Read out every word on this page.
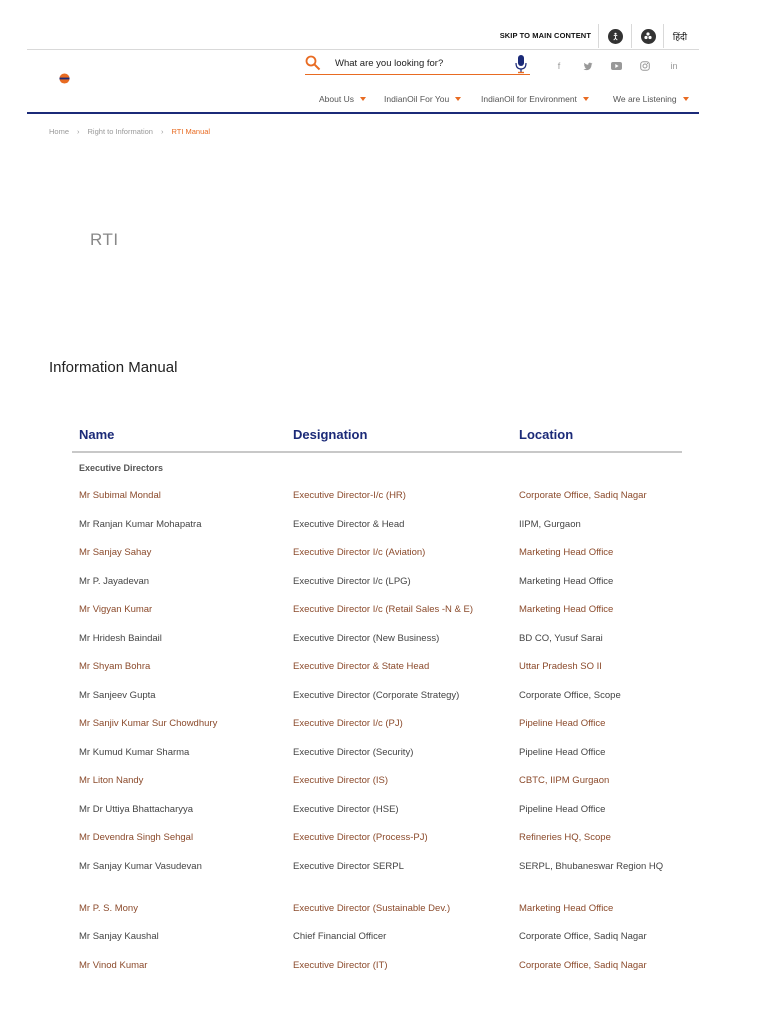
SKIP TO MAIN CONTENT	हिंदी
What are you looking for?
f	in
About Us	IndianOil For You	IndianOil for Environment	We are Listening
Home › Right to Information › RTI Manual
RTI
Information Manual
Name	Designation	Location
Executive Directors
Mr Subimal Mondal	Executive Director-I/c (HR)	Corporate Office, Sadiq Nagar
Mr Ranjan Kumar Mohapatra	Executive Director & Head	IIPM, Gurgaon
Mr Sanjay Sahay	Executive Director I/c (Aviation)	Marketing Head Office
Mr P. Jayadevan	Executive Director I/c (LPG)	Marketing Head Office
Mr Vigyan Kumar	Executive Director I/c (Retail Sales -N & E)	Marketing Head Office
Mr Hridesh Baindail	Executive Director (New Business)	BD CO, Yusuf Sarai
Mr Shyam Bohra	Executive Director & State Head	Uttar Pradesh SO II
Mr Sanjeev Gupta	Executive Director (Corporate Strategy)	Corporate Office, Scope
Mr Sanjiv Kumar Sur Chowdhury	Executive Director I/c (PJ)	Pipeline Head Office
Mr Kumud Kumar Sharma	Executive Director (Security)	Pipeline Head Office
Mr Liton Nandy	Executive Director (IS)	CBTC, IIPM Gurgaon
Mr Dr Uttiya Bhattacharyya	Executive Director (HSE)	Pipeline Head Office
Mr Devendra Singh Sehgal	Executive Director (Process-PJ)	Refineries HQ, Scope
Mr Sanjay Kumar Vasudevan	Executive Director SERPL	SERPL, Bhubaneswar Region HQ
Mr P. S. Mony	Executive Director (Sustainable Dev.)	Marketing Head Office
Mr Sanjay Kaushal	Chief Financial Officer	Corporate Office, Sadiq Nagar
Mr Vinod Kumar	Executive Director (IT)	Corporate Office, Sadiq Nagar
